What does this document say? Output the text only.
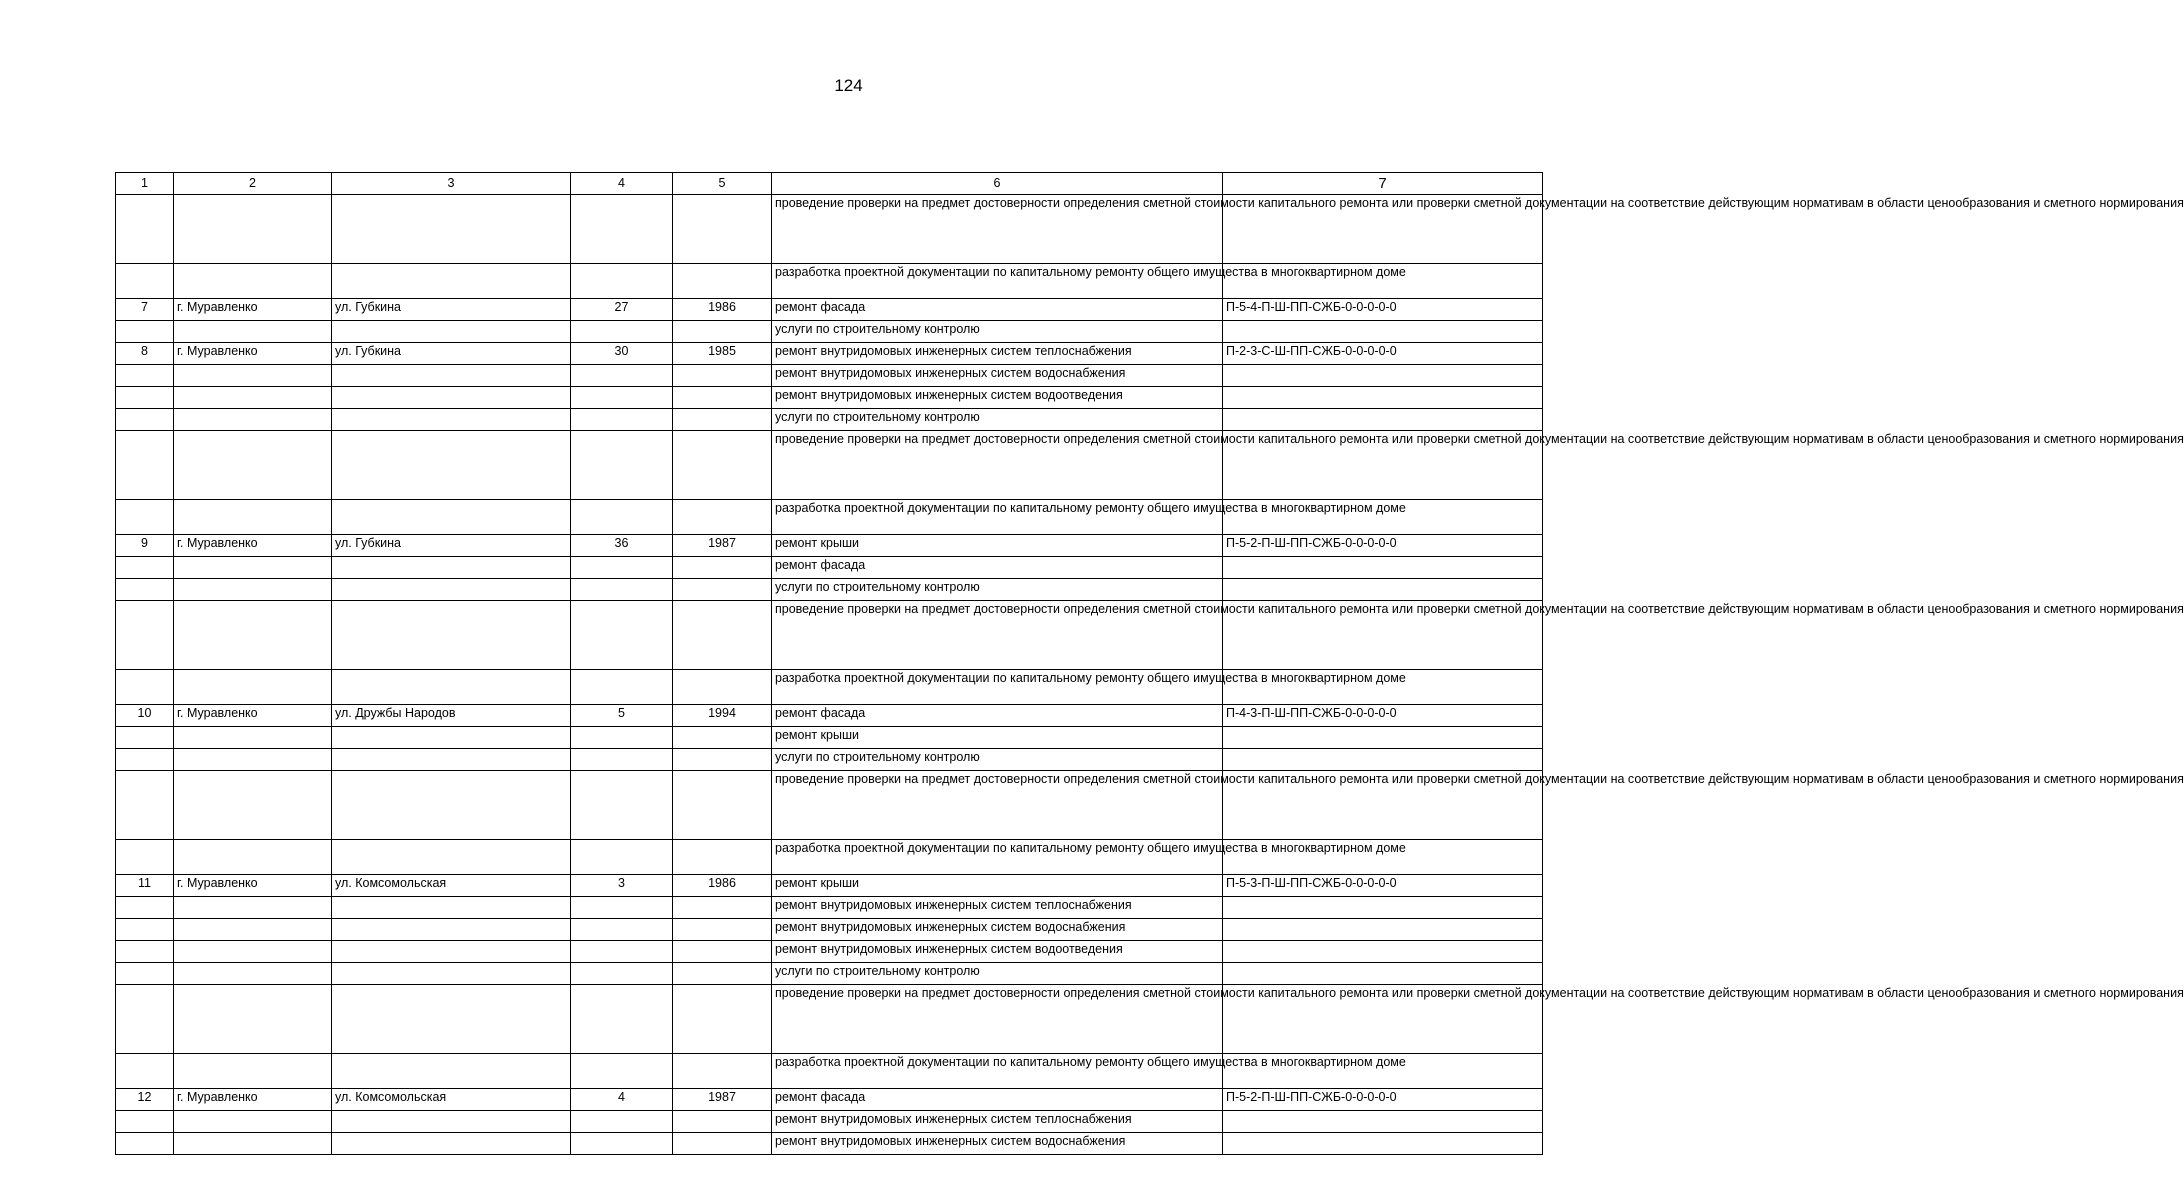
124
1	2	3	4	5	6	7
					проведение проверки на предмет достоверности определения сметной стоимости капитального ремонта или проверки сметной документации на соответствие действующим нормативам в области ценообразования и сметного нормирования	
					разработка проектной документации по капитальному ремонту общего имущества в многоквартирном доме	
7	г. Муравленко	ул. Губкина	27	1986	ремонт фасада	П-5-4-П-Ш-ПП-СЖБ-0-0-0-0-0
					услуги по строительному контролю	
8	г. Муравленко	ул. Губкина	30	1985	ремонт внутридомовых инженерных систем теплоснабжения	П-2-3-С-Ш-ПП-СЖБ-0-0-0-0-0
					ремонт внутридомовых инженерных систем водоснабжения	
					ремонт внутридомовых инженерных систем водоотведения	
					услуги по строительному контролю	
					проведение проверки на предмет достоверности определения сметной стоимости капитального ремонта или проверки сметной документации на соответствие действующим нормативам в области ценообразования и сметного нормирования	
					разработка проектной документации по капитальному ремонту общего имущества в многоквартирном доме	
9	г. Муравленко	ул. Губкина	36	1987	ремонт крыши	П-5-2-П-Ш-ПП-СЖБ-0-0-0-0-0
					ремонт фасада	
					услуги по строительному контролю	
					проведение проверки на предмет достоверности определения сметной стоимости капитального ремонта или проверки сметной документации на соответствие действующим нормативам в области ценообразования и сметного нормирования	
					разработка проектной документации по капитальному ремонту общего имущества в многоквартирном доме	
10	г. Муравленко	ул. Дружбы Народов	5	1994	ремонт фасада	П-4-3-П-Ш-ПП-СЖБ-0-0-0-0-0
					ремонт крыши	
					услуги по строительному контролю	
					проведение проверки на предмет достоверности определения сметной стоимости капитального ремонта или проверки сметной документации на соответствие действующим нормативам в области ценообразования и сметного нормирования	
					разработка проектной документации по капитальному ремонту общего имущества в многоквартирном доме	
11	г. Муравленко	ул. Комсомольская	3	1986	ремонт крыши	П-5-3-П-Ш-ПП-СЖБ-0-0-0-0-0
					ремонт внутридомовых инженерных систем теплоснабжения	
					ремонт внутридомовых инженерных систем водоснабжения	
					ремонт внутридомовых инженерных систем водоотведения	
					услуги по строительному контролю	
					проведение проверки на предмет достоверности определения сметной стоимости капитального ремонта или проверки сметной документации на соответствие действующим нормативам в области ценообразования и сметного нормирования	
					разработка проектной документации по капитальному ремонту общего имущества в многоквартирном доме	
12	г. Муравленко	ул. Комсомольская	4	1987	ремонт фасада	П-5-2-П-Ш-ПП-СЖБ-0-0-0-0-0
					ремонт внутридомовых инженерных систем теплоснабжения	
					ремонт внутридомовых инженерных систем водоснабжения	
